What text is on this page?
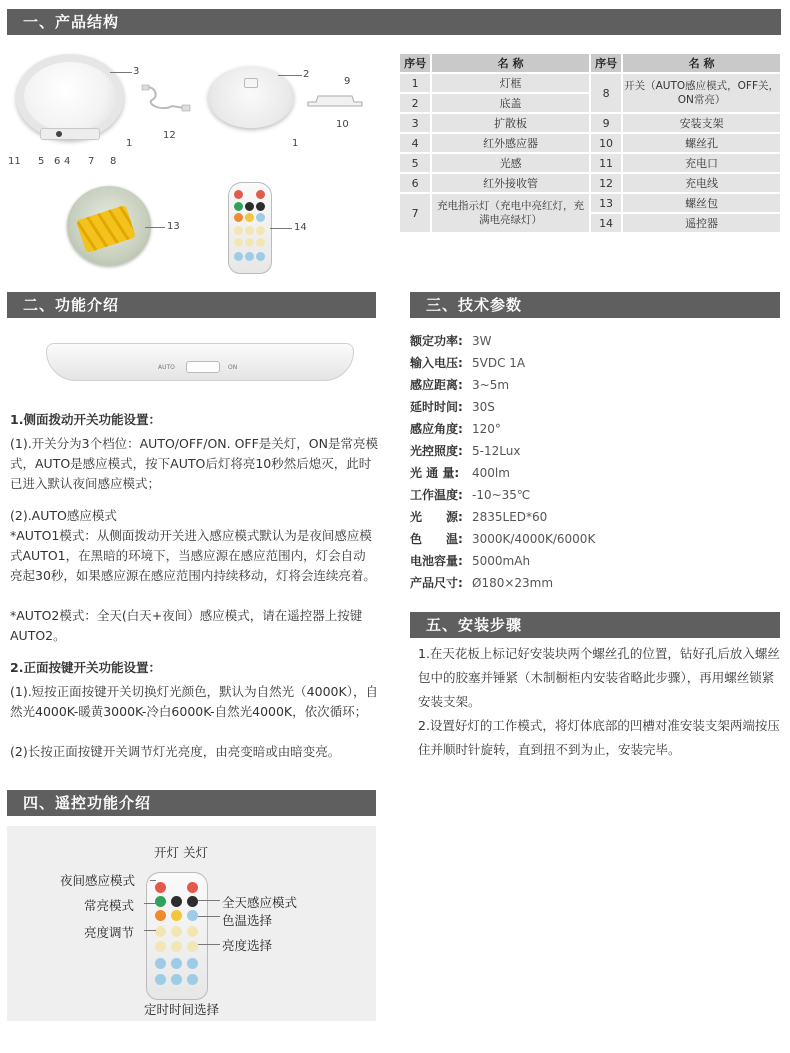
一、产品结构
3
1
11 5 6 4 7 8
12
2
1
9
10
13	14
序号	名 称	序号	名 称
1	灯框	8	开关（AUTO感应模式，OFF关，ON常亮）
2	底盖		
3	扩散板	9	安装支架
4	红外感应器	10	螺丝孔
5	光感	11	充电口
6	红外接收管	12	充电线
7	充电指示灯（充电中亮红灯，充满电亮绿灯）	13	螺丝包
		14	遥控器
二、功能介绍
AUTO	ON
1.侧面拨动开关功能设置：
(1).开关分为3个档位：AUTO/OFF/ON. OFF是关灯，ON是常亮模式，AUTO是感应模式，按下AUTO后灯将亮10秒然后熄灭，此时已进入默认夜间感应模式；
(2).AUTO感应模式
*AUTO1模式：从侧面拨动开关进入感应模式默认为是夜间感应模式AUTO1，在黑暗的环境下，当感应源在感应范围内，灯会自动亮起30秒，如果感应源在感应范围内持续移动，灯将会连续亮着。
*AUTO2模式：全天(白天+夜间）感应模式，请在遥控器上按键AUTO2。
2.正面按键开关功能设置：
(1).短按正面按键开关切换灯光颜色，默认为自然光（4000K），自然光4000K-暖黄3000K-冷白6000K-自然光4000K，依次循环；
(2)长按正面按键开关调节灯光亮度，由亮变暗或由暗变亮。
三、技术参数
额定功率: 3W
输入电压: 5VDC 1A
感应距离: 3~5m
延时时间: 30S
感应角度: 120°
光控照度: 5-12Lux
光 通 量: 400lm
工作温度: -10~35℃
光　　源: 2835LED*60
色　　温: 3000K/4000K/6000K
电池容量: 5000mAh
产品尺寸: Ø180×23mm
五、安装步骤
1.在天花板上标记好安装块两个螺丝孔的位置，钻好孔后放入螺丝包中的胶塞并锤紧（木制橱柜内安装省略此步骤），再用螺丝锁紧安装支架。
2.设置好灯的工作模式，将灯体底部的凹槽对准安装支架两端按压住并顺时针旋转，直到扭不到为止，安装完毕。
四、遥控功能介绍
开灯 关灯
夜间感应模式
常亮模式	全天感应模式
色温选择
亮度调节
亮度选择
定时时间选择
